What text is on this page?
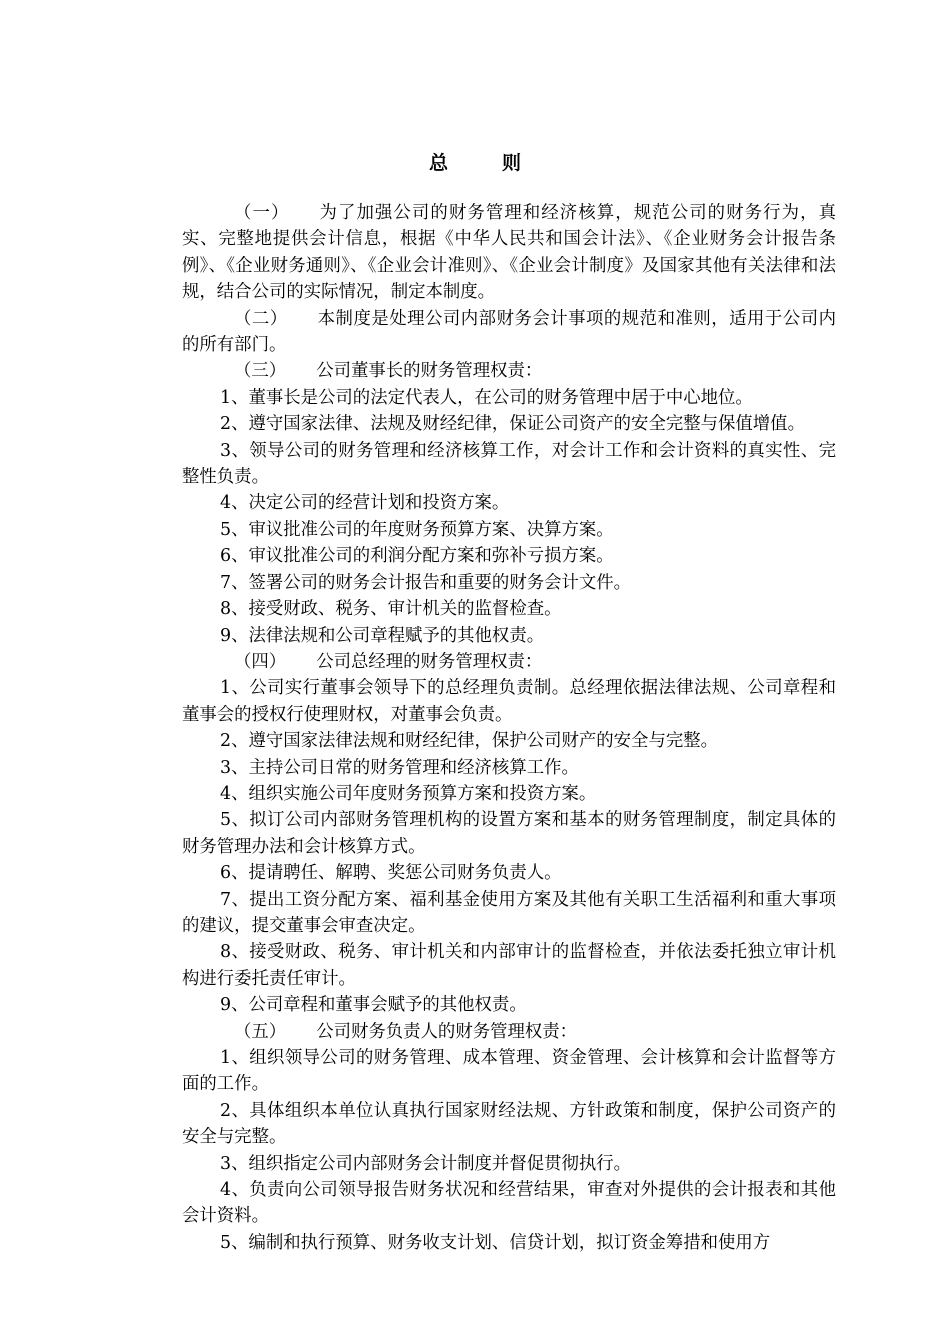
总则

（一） 为了加强公司的财务管理和经济核算，规范公司的财务行为，真实、完整地提供会计信息，根据《中华人民共和国会计法》、《企业财务会计报告条例》、《企业财务通则》、《企业会计准则》、《企业会计制度》及国家其他有关法律和法规，结合公司的实际情况，制定本制度。

（二） 本制度是处理公司内部财务会计事项的规范和准则，适用于公司内的所有部门。

（三） 公司董事长的财务管理权责：

1、董事长是公司的法定代表人，在公司的财务管理中居于中心地位。

2、遵守国家法律、法规及财经纪律，保证公司资产的安全完整与保值增值。

3、领导公司的财务管理和经济核算工作，对会计工作和会计资料的真实性、完整性负责。

4、决定公司的经营计划和投资方案。

5、审议批准公司的年度财务预算方案、决算方案。

6、审议批准公司的利润分配方案和弥补亏损方案。

7、签署公司的财务会计报告和重要的财务会计文件。

8、接受财政、税务、审计机关的监督检查。

9、法律法规和公司章程赋予的其他权责。

（四） 公司总经理的财务管理权责：

1、公司实行董事会领导下的总经理负责制。总经理依据法律法规、公司章程和董事会的授权行使理财权，对董事会负责。

2、遵守国家法律法规和财经纪律，保护公司财产的安全与完整。

3、主持公司日常的财务管理和经济核算工作。

4、组织实施公司年度财务预算方案和投资方案。

5、拟订公司内部财务管理机构的设置方案和基本的财务管理制度，制定具体的财务管理办法和会计核算方式。

6、提请聘任、解聘、奖惩公司财务负责人。

7、提出工资分配方案、福利基金使用方案及其他有关职工生活福利和重大事项的建议，提交董事会审查决定。

8、接受财政、税务、审计机关和内部审计的监督检查，并依法委托独立审计机构进行委托责任审计。

9、公司章程和董事会赋予的其他权责。

（五） 公司财务负责人的财务管理权责：

1、组织领导公司的财务管理、成本管理、资金管理、会计核算和会计监督等方面的工作。

2、具体组织本单位认真执行国家财经法规、方针政策和制度，保护公司资产的安全与完整。

3、组织指定公司内部财务会计制度并督促贯彻执行。

4、负责向公司领导报告财务状况和经营结果，审查对外提供的会计报表和其他会计资料。

5、编制和执行预算、财务收支计划、信贷计划，拟订资金筹措和使用方
